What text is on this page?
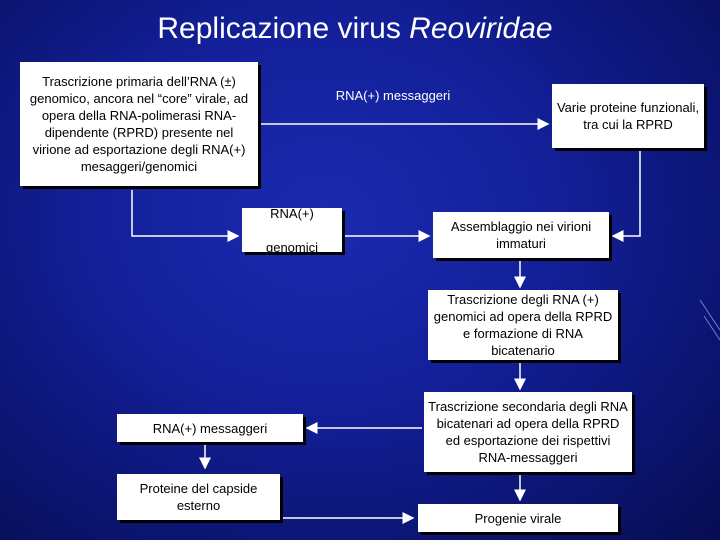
Replicazione virus Reoviridae
Trascrizione primaria dell’RNA (±) genomico, ancora nel “core” virale, ad opera della RNA-polimerasi RNA-dipendente (RPRD) presente nel virione ad esportazione degli RNA(+) mesaggeri/genomici
RNA(+) messaggeri
Varie proteine funzionali, tra cui la RPRD
RNA(+)

genomici
Assemblaggio nei virioni immaturi
Trascrizione degli RNA (+) genomici ad opera della RPRD e formazione di RNA bicatenario
Trascrizione secondaria degli RNA bicatenari ad opera della RPRD ed esportazione dei rispettivi RNA-messaggeri
RNA(+) messaggeri
Proteine del capside esterno
Progenie virale
